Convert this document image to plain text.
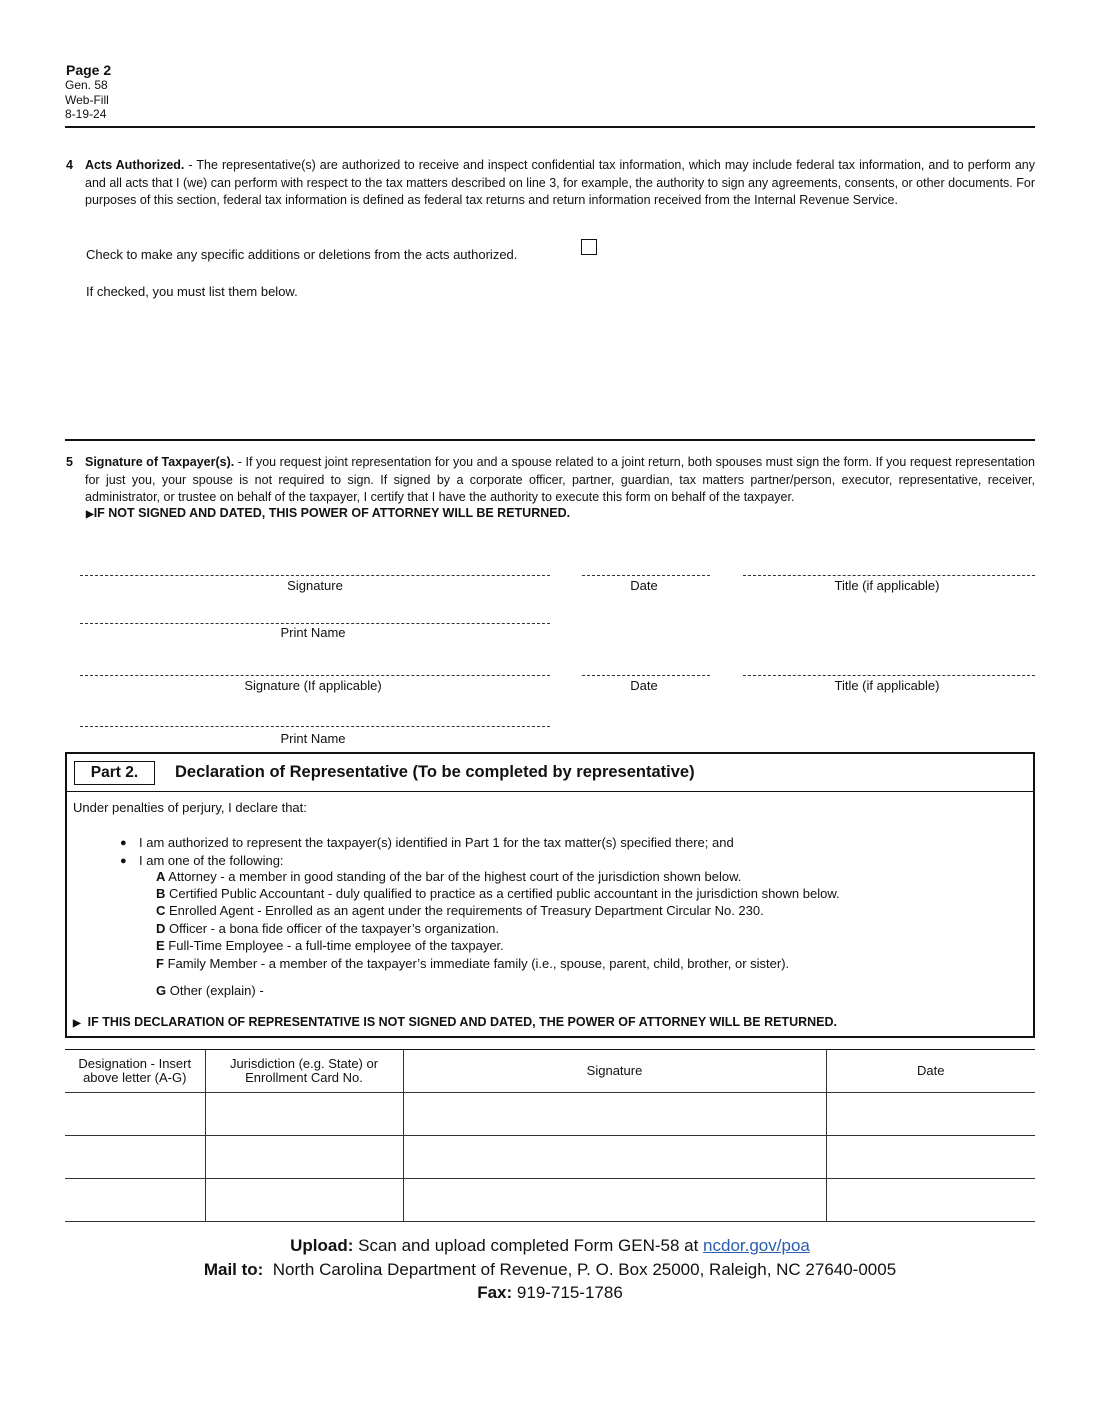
Page 2
Gen. 58
Web-Fill
8-19-24
4 Acts Authorized. - The representative(s) are authorized to receive and inspect confidential tax information, which may include federal tax information, and to perform any and all acts that I (we) can perform with respect to the tax matters described on line 3, for example, the authority to sign any agreements, consents, or other documents. For purposes of this section, federal tax information is defined as federal tax returns and return information received from the Internal Revenue Service.
Check to make any specific additions or deletions from the acts authorized.
If checked, you must list them below.
5 Signature of Taxpayer(s). - If you request joint representation for you and a spouse related to a joint return, both spouses must sign the form. If you request representation for just you, your spouse is not required to sign. If signed by a corporate officer, partner, guardian, tax matters partner/person, executor, representative, receiver, administrator, or trustee on behalf of the taxpayer, I certify that I have the authority to execute this form on behalf of the taxpayer.
▶IF NOT SIGNED AND DATED, THIS POWER OF ATTORNEY WILL BE RETURNED.
Signature	Date	Title (if applicable)
Print Name
Signature (If applicable)	Date	Title (if applicable)
Print Name
Part 2.	Declaration of Representative (To be completed by representative)
Under penalties of perjury, I declare that:
● I am authorized to represent the taxpayer(s) identified in Part 1 for the tax matter(s) specified there; and
● I am one of the following:
A Attorney - a member in good standing of the bar of the highest court of the jurisdiction shown below.
B Certified Public Accountant - duly qualified to practice as a certified public accountant in the jurisdiction shown below.
C Enrolled Agent - Enrolled as an agent under the requirements of Treasury Department Circular No. 230.
D Officer - a bona fide officer of the taxpayer’s organization.
E Full-Time Employee - a full-time employee of the taxpayer.
F Family Member - a member of the taxpayer’s immediate family (i.e., spouse, parent, child, brother, or sister).
G Other (explain) -
▶ IF THIS DECLARATION OF REPRESENTATIVE IS NOT SIGNED AND DATED, THE POWER OF ATTORNEY WILL BE RETURNED.
Designation - Insert above letter (A-G)	Jurisdiction (e.g. State) or Enrollment Card No.	Signature	Date

Upload: Scan and upload completed Form GEN-58 at ncdor.gov/poa
Mail to:  North Carolina Department of Revenue, P. O. Box 25000, Raleigh, NC 27640-0005
Fax: 919-715-1786
